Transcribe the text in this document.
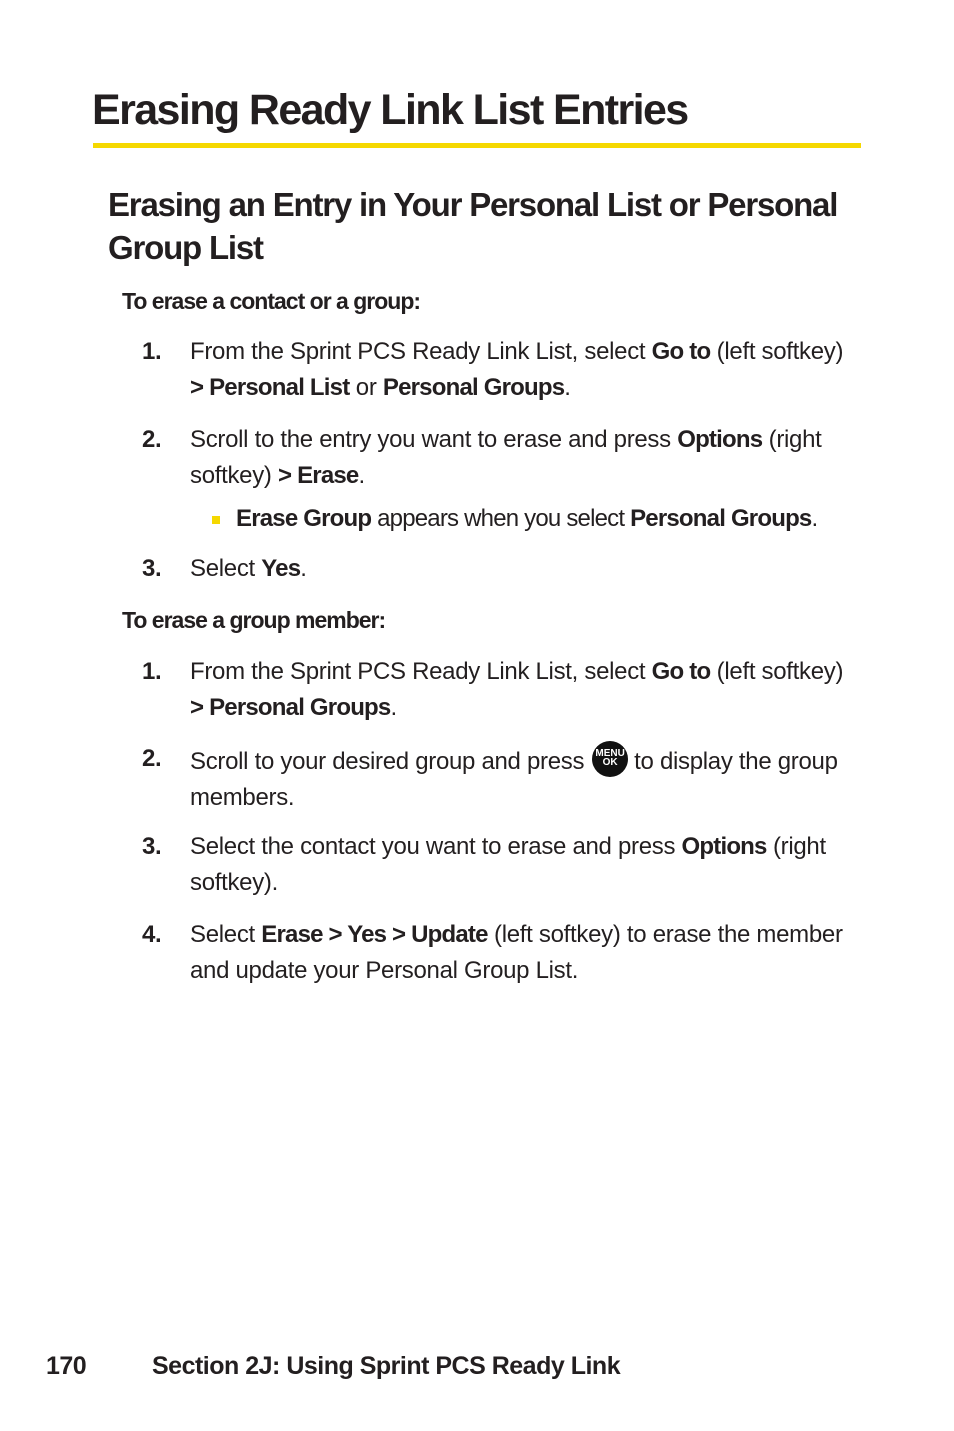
Erasing Ready Link List Entries
Erasing an Entry in Your Personal List or Personal Group List

To erase a contact or a group:

1. From the Sprint PCS Ready Link List, select Go to (left softkey) > Personal List or Personal Groups.
2. Scroll to the entry you want to erase and press Options (right softkey) > Erase.
Erase Group appears when you select Personal Groups.
3. Select Yes.

To erase a group member:

1. From the Sprint PCS Ready Link List, select Go to (left softkey) > Personal Groups.
2. Scroll to your desired group and press	MENU
OK to display the group members.
3. Select the contact you want to erase and press Options (right softkey).
4. Select Erase > Yes > Update (left softkey) to erase the member and update your Personal Group List.
170	Section 2J: Using Sprint PCS Ready Link
